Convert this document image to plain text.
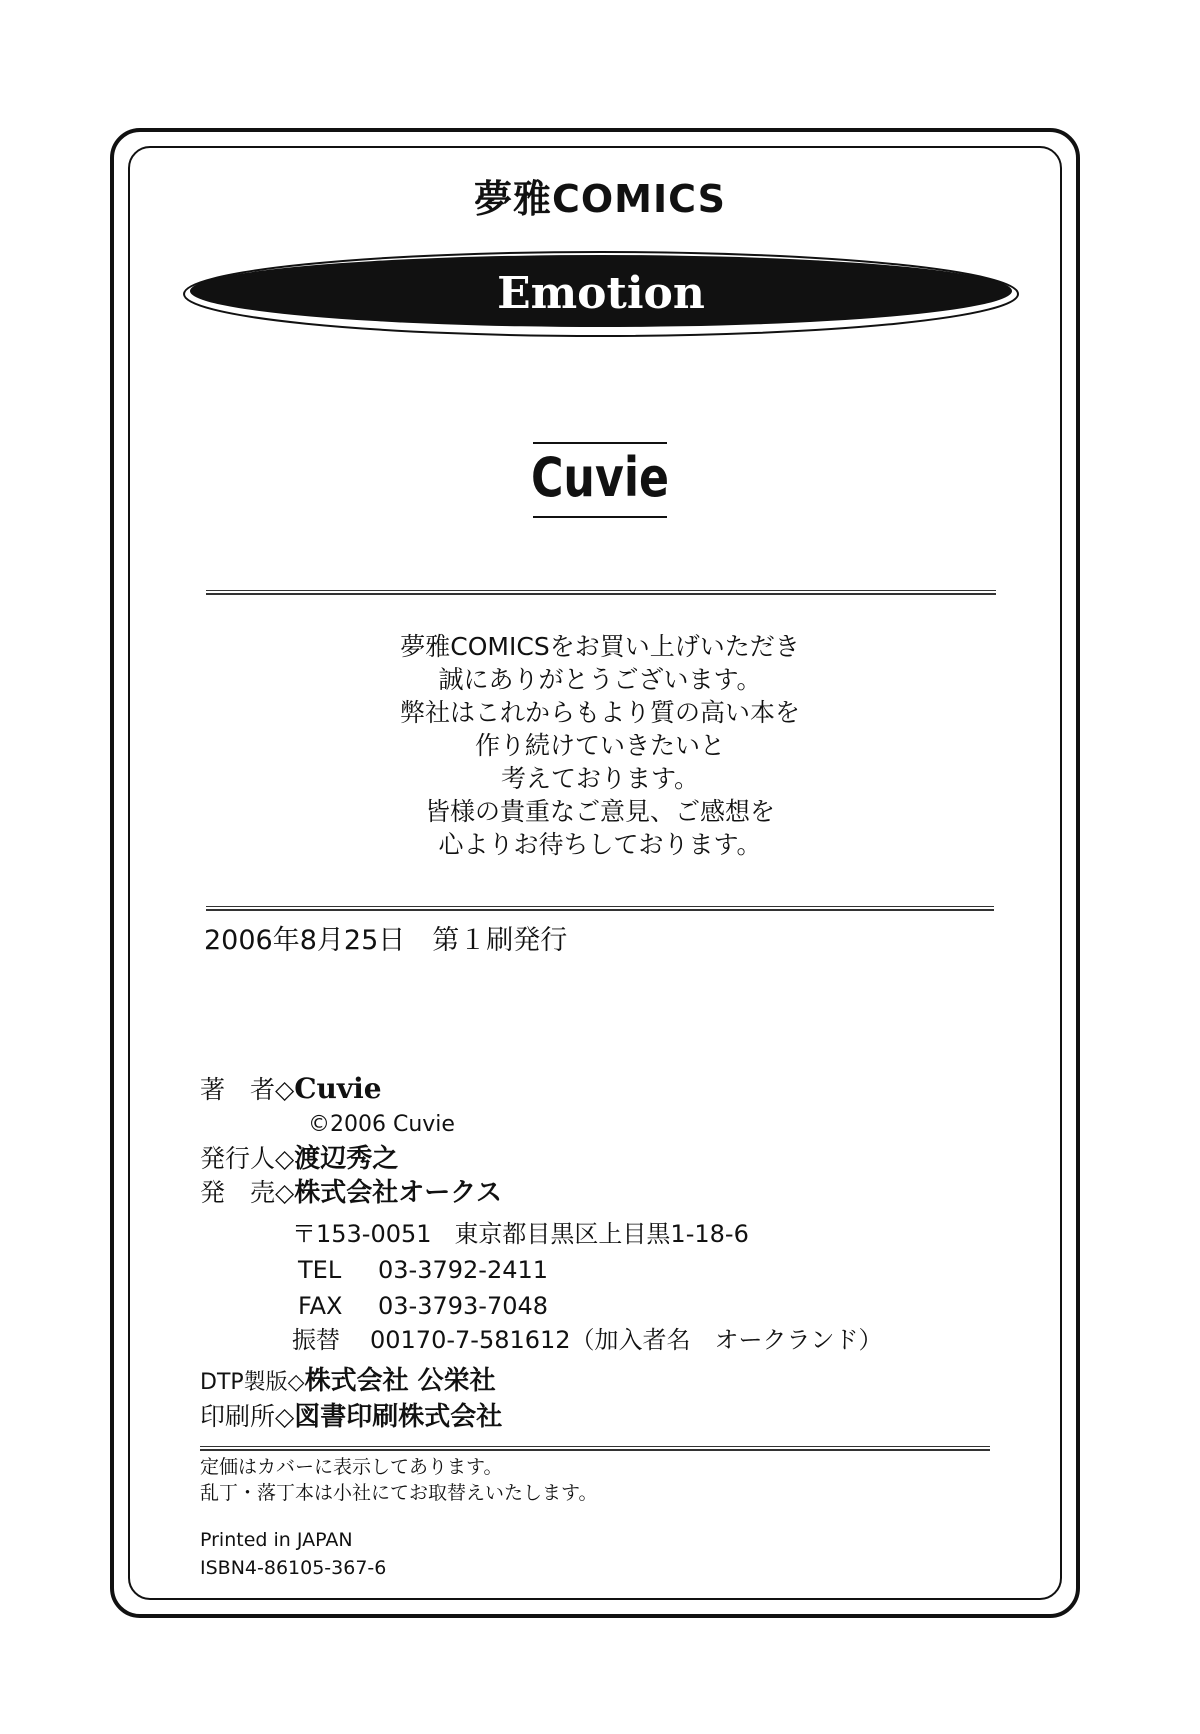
夢雅COMICS
Emotion
Cuvie
夢雅COMICSをお買い上げいただき
誠にありがとうございます。
弊社はこれからもより質の高い本を
作り続けていきたいと
考えております。
皆様の貴重なご意見、ご感想を
心よりお待ちしております。
2006年8月25日　第１刷発行
著　者◇Cuvie
©2006 Cuvie
発行人◇渡辺秀之
発　売◇株式会社オークス
〒153-0051 東京都目黒区上目黒1-18-6
TEL 03-3792-2411
FAX 03-3793-7048
振替 00170-7-581612（加入者名　オークランド）
DTP製版◇株式会社 公栄社
印刷所◇図書印刷株式会社
定価はカバーに表示してあります。
乱丁・落丁本は小社にてお取替えいたします。
Printed in JAPAN
ISBN4-86105-367-6
